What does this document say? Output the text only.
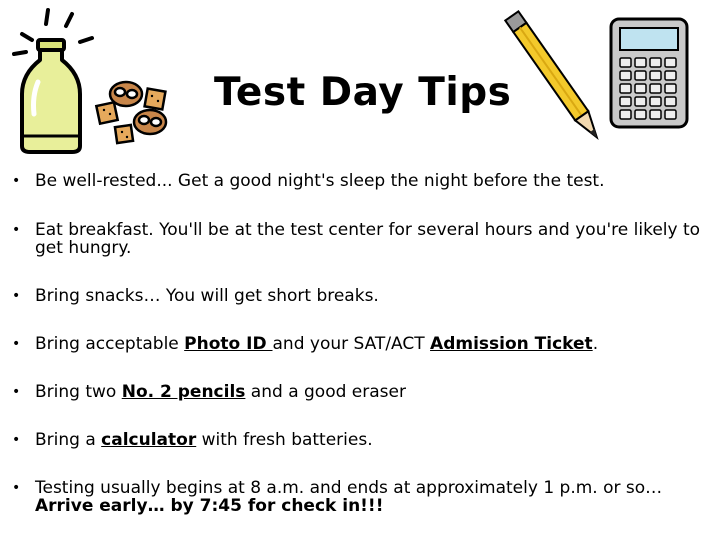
Test Day Tips
• Be well-rested... Get a good night's sleep the night before the test.
• Eat breakfast. You'll be at the test center for several hours and you're likely to get hungry.
• Bring snacks… You will get short breaks.
• Bring acceptable Photo ID and your SAT/ACT Admission Ticket.
• Bring two No. 2 pencils and a good eraser
• Bring a calculator with fresh batteries.
• Testing usually begins at 8 a.m. and ends at approximately 1 p.m. or so… Arrive early… by 7:45 for check in!!!
